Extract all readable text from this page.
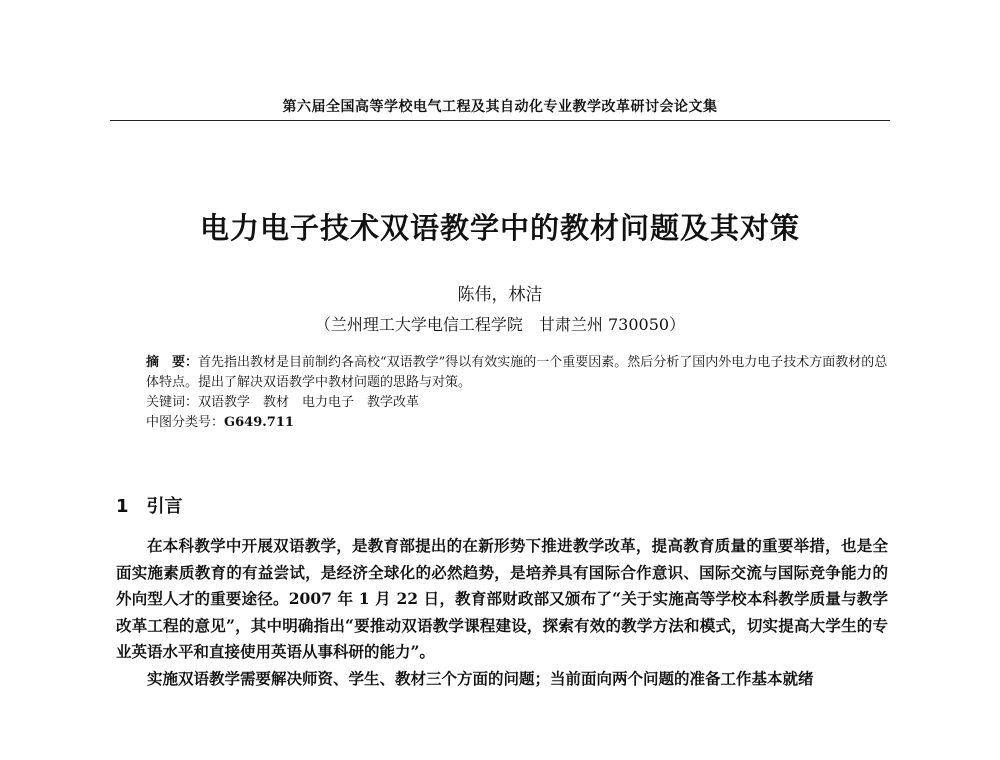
第六届全国高等学校电气工程及其自动化专业教学改革研讨会论文集
电力电子技术双语教学中的教材问题及其对策
陈伟，林洁
（兰州理工大学电信工程学院　甘肃兰州 730050）

摘　要：首先指出教材是目前制约各高校“双语教学”得以有效实施的一个重要因素。然后分析了国内外电力电子技术方面教材的总体特点。提出了解决双语教学中教材问题的思路与对策。

关键词：双语教学　教材　电力电子　教学改革

中图分类号：G649.711

1 引言

在本科教学中开展双语教学，是教育部提出的在新形势下推进教学改革，提高教育质量的重要举措，也是全面实施素质教育的有益尝试，是经济全球化的必然趋势，是培养具有国际合作意识、国际交流与国际竞争能力的外向型人才的重要途径。2007 年 1 月 22 日，教育部财政部又颁布了“关于实施高等学校本科教学质量与教学改革工程的意见”，其中明确指出“要推动双语教学课程建设，探索有效的教学方法和模式，切实提高大学生的专业英语水平和直接使用英语从事科研的能力”。

实施双语教学需要解决师资、学生、教材三个方面的问题；当前面向两个问题的准备工作基本就绪
